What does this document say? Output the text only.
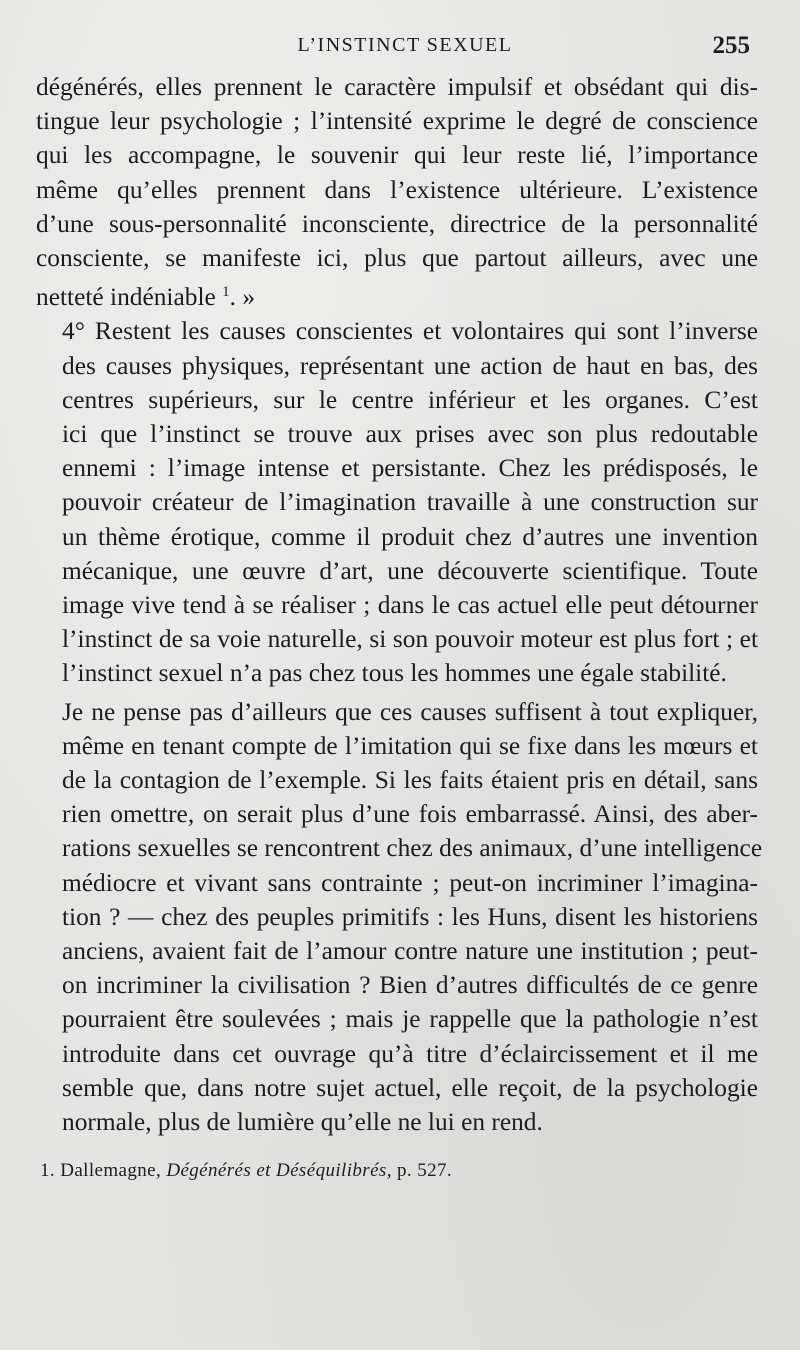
L’INSTINCT SEXUEL	255

dégénérés, elles prennent le caractère impulsif et obsédant qui dis-
tingue leur psychologie ; l’intensité exprime le degré de conscience
qui les accompagne, le souvenir qui leur reste lié, l’importance
même qu’elles prennent dans l’existence ultérieure. L’existence
d’une sous-personnalité inconsciente, directrice de la personnalité
consciente, se manifeste ici, plus que partout ailleurs, avec une
netteté indéniable $^1$. »

4° Restent les causes conscientes et volontaires qui sont l’inverse
des causes physiques, représentant une action de haut en bas, des
centres supérieurs, sur le centre inférieur et les organes. C’est
ici que l’instinct se trouve aux prises avec son plus redoutable
ennemi : l’image intense et persistante. Chez les prédisposés, le
pouvoir créateur de l’imagination travaille à une construction sur
un thème érotique, comme il produit chez d’autres une invention
mécanique, une œuvre d’art, une découverte scientifique. Toute
image vive tend à se réaliser ; dans le cas actuel elle peut détourner
l’instinct de sa voie naturelle, si son pouvoir moteur est plus fort ; et
l’instinct sexuel n’a pas chez tous les hommes une égale stabilité.

Je ne pense pas d’ailleurs que ces causes suffisent à tout expliquer,
même en tenant compte de l’imitation qui se fixe dans les mœurs et
de la contagion de l’exemple. Si les faits étaient pris en détail, sans
rien omettre, on serait plus d’une fois embarrassé. Ainsi, des aber-
rations sexuelles se rencontrent chez des animaux, d’une intelligence
médiocre et vivant sans contrainte ; peut-on incriminer l’imagina-
tion ? — chez des peuples primitifs : les Huns, disent les historiens
anciens, avaient fait de l’amour contre nature une institution ; peut-
on incriminer la civilisation ? Bien d’autres difficultés de ce genre
pourraient être soulevées ; mais je rappelle que la pathologie n’est
introduite dans cet ouvrage qu’à titre d’éclaircissement et il me
semble que, dans notre sujet actuel, elle reçoit, de la psychologie
normale, plus de lumière qu’elle ne lui en rend.

1. Dallemagne, Dégénérés et Déséquilibrés, p. 527.
